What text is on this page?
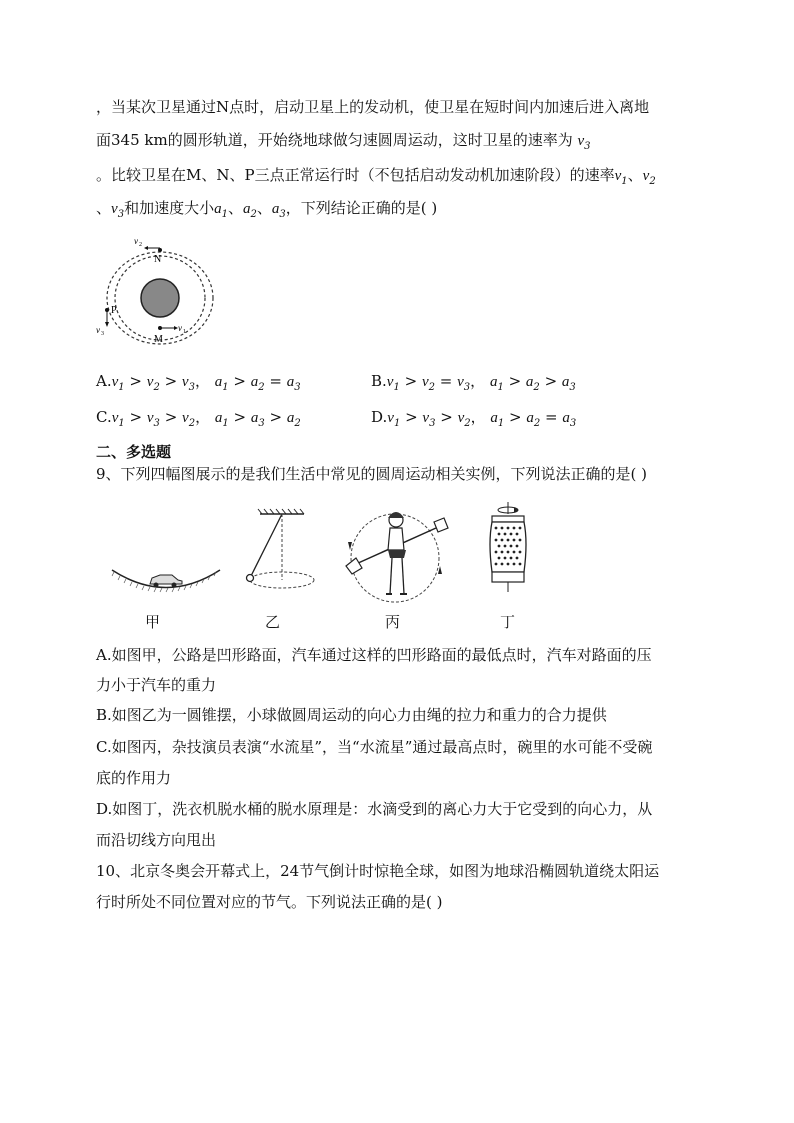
，当某次卫星通过N点时，启动卫星上的发动机，使卫星在短时间内加速后进入离地
面345 km的圆形轨道，开始绕地球做匀速圆周运动，这时卫星的速率为 $v_3$
。比较卫星在M、N、P三点正常运行时（不包括启动发动机加速阶段）的速率$v_1$、$v_2$
、$v_3$和加速度大小$a_1$、$a_2$、$a_3$，下列结论正确的是( )
N
M
P
v 2
v 1
v 3
$A.v_1 > v_2 > v_3$， $a_1 > a_2 = a_3$	$B.v_1 > v_2 = v_3$， $a_1 > a_2 > a_3$
$C.v_1 > v_3 > v_2$， $a_1 > a_3 > a_2$	$D.v_1 > v_3 > v_2$， $a_1 > a_2 = a_3$
二、多选题
9、下列四幅图展示的是我们生活中常见的圆周运动相关实例，下列说法正确的是( )
甲	乙	丙	丁
A.如图甲，公路是凹形路面，汽车通过这样的凹形路面的最低点时，汽车对路面的压
力小于汽车的重力
B.如图乙为一圆锥摆，小球做圆周运动的向心力由绳的拉力和重力的合力提供
C.如图丙，杂技演员表演“水流星”，当“水流星”通过最高点时，碗里的水可能不受碗
底的作用力
D.如图丁，洗衣机脱水桶的脱水原理是：水滴受到的离心力大于它受到的向心力，从
而沿切线方向甩出
10、北京冬奥会开幕式上，24节气倒计时惊艳全球，如图为地球沿椭圆轨道绕太阳运
行时所处不同位置对应的节气。下列说法正确的是( )
